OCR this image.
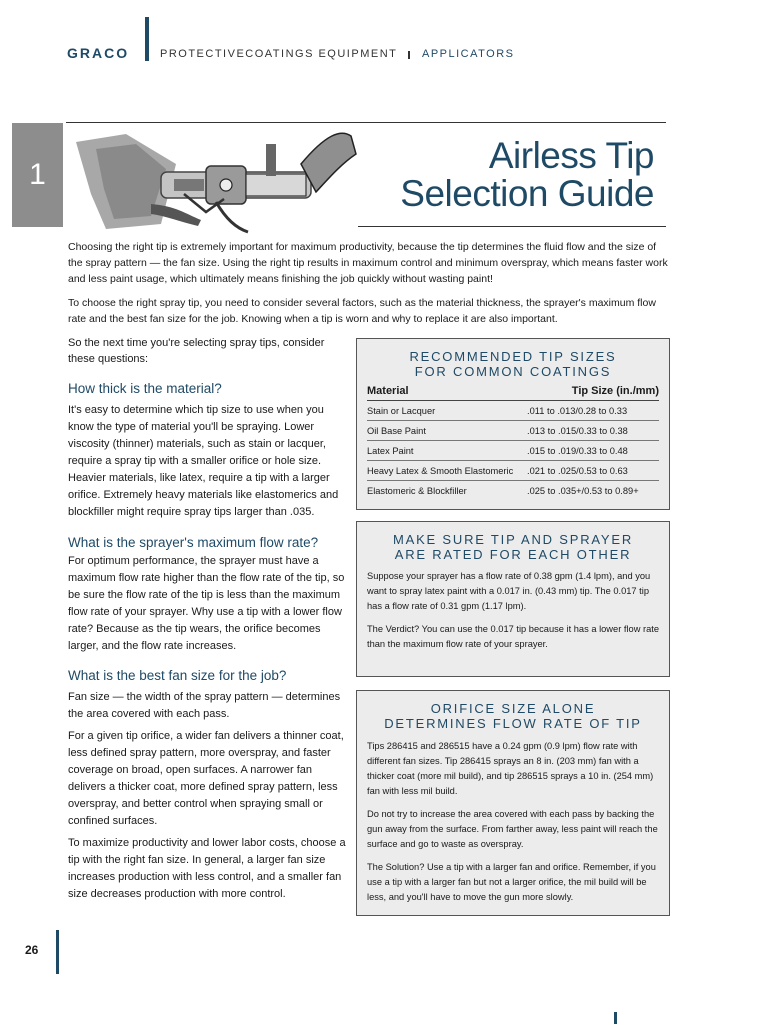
GRACO	PROTECTIVECOATINGS EQUIPMENT APPLICATORS
1	Airless Tip
Selection Guide
Choosing the right tip is extremely important for maximum productivity, because the tip determines the fluid flow and the size of the spray pattern — the fan size. Using the right tip results in maximum control and minimum overspray, which means faster work and less paint usage, which ultimately means finishing the job quickly without wasting paint!
To choose the right spray tip, you need to consider several factors, such as the material thickness, the sprayer's maximum flow rate and the best fan size for the job. Knowing when a tip is worn and why to replace it are also important.
So the next time you're selecting spray tips, consider these questions:
How thick is the material?
It's easy to determine which tip size to use when you know the type of material you'll be spraying. Lower viscosity (thinner) materials, such as stain or lacquer, require a spray tip with a smaller orifice or hole size. Heavier materials, like latex, require a tip with a larger orifice. Extremely heavy materials like elastomerics and blockfiller might require spray tips larger than .035.
What is the sprayer's maximum flow rate?
For optimum performance, the sprayer must have a maximum flow rate higher than the flow rate of the tip, so be sure the flow rate of the tip is less than the maximum flow rate of your sprayer. Why use a tip with a lower flow rate? Because as the tip wears, the orifice becomes larger, and the flow rate increases.
What is the best fan size for the job?
Fan size — the width of the spray pattern — determines the area covered with each pass.
For a given tip orifice, a wider fan delivers a thinner coat, less defined spray pattern, more overspray, and faster coverage on broad, open surfaces. A narrower fan delivers a thicker coat, more defined spray pattern, less overspray, and better control when spraying small or confined surfaces.
To maximize productivity and lower labor costs, choose a tip with the right fan size. In general, a larger fan size increases production with less control, and a smaller fan size decreases production with more control.
RECOMMENDED TIP SIZES
FOR COMMON COATINGS
Material	Tip Size (in./mm)
Stain or Lacquer	.011 to .013/0.28 to 0.33
Oil Base Paint	.013 to .015/0.33 to 0.38
Latex Paint	.015 to .019/0.33 to 0.48
Heavy Latex & Smooth Elastomeric	.021 to .025/0.53 to 0.63
Elastomeric & Blockfiller	.025 to .035+/0.53 to 0.89+
MAKE SURE TIP AND SPRAYER
ARE RATED FOR EACH OTHER
Suppose your sprayer has a flow rate of 0.38 gpm (1.4 lpm), and you want to spray latex paint with a 0.017 in. (0.43 mm) tip. The 0.017 tip has a flow rate of 0.31 gpm (1.17 lpm).
The Verdict? You can use the 0.017 tip because it has a lower flow rate than the maximum flow rate of your sprayer.
ORIFICE SIZE ALONE
DETERMINES FLOW RATE OF TIP
Tips 286415 and 286515 have a 0.24 gpm (0.9 lpm) flow rate with different fan sizes. Tip 286415 sprays an 8 in. (203 mm) fan with a thicker coat (more mil build), and tip 286515 sprays a 10 in. (254 mm) fan with less mil build.
Do not try to increase the area covered with each pass by backing the gun away from the surface. From farther away, less paint will reach the surface and go to waste as overspray.
The Solution? Use a tip with a larger fan and orifice. Remember, if you use a tip with a larger fan but not a larger orifice, the mil build will be less, and you'll have to move the gun more slowly.
26
